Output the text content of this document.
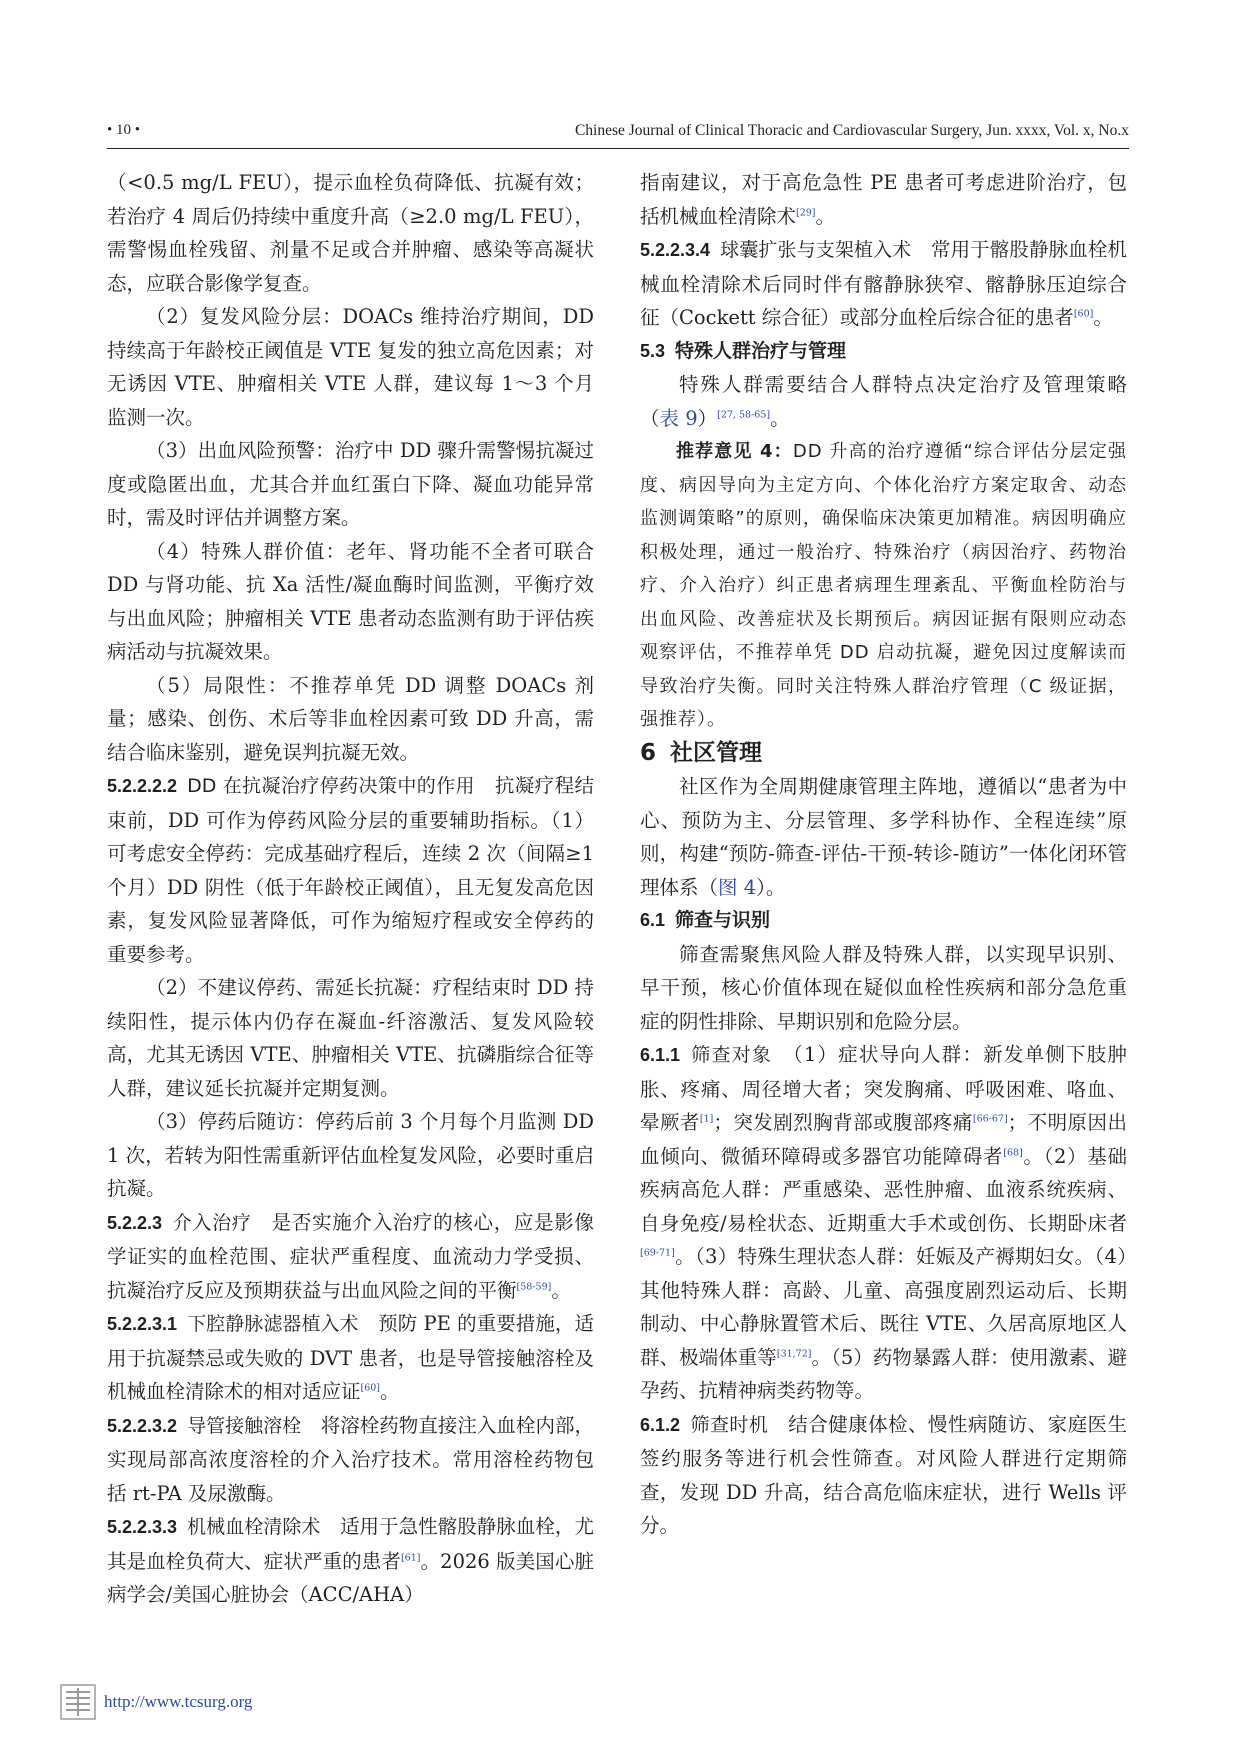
• 10 •	Chinese Journal of Clinical Thoracic and Cardiovascular Surgery, Jun. xxxx, Vol. x, No.x

（<0.5 mg/L FEU），提示血栓负荷降低、抗凝有效；若治疗 4 周后仍持续中重度升高（≥2.0 mg/L FEU），需警惕血栓残留、剂量不足或合并肿瘤、感染等高凝状态，应联合影像学复查。

（2）复发风险分层：DOACs 维持治疗期间，DD 持续高于年龄校正阈值是 VTE 复发的独立高危因素；对无诱因 VTE、肿瘤相关 VTE 人群，建议每 1～3 个月监测一次。

（3）出血风险预警：治疗中 DD 骤升需警惕抗凝过度或隐匿出血，尤其合并血红蛋白下降、凝血功能异常时，需及时评估并调整方案。

（4）特殊人群价值：老年、肾功能不全者可联合 DD 与肾功能、抗 Xa 活性/凝血酶时间监测，平衡疗效与出血风险；肿瘤相关 VTE 患者动态监测有助于评估疾病活动与抗凝效果。

（5）局限性：不推荐单凭 DD 调整 DOACs 剂量；感染、创伤、术后等非血栓因素可致 DD 升高，需结合临床鉴别，避免误判抗凝无效。

5.2.2.2.2 DD 在抗凝治疗停药决策中的作用　 抗凝疗程结束前，DD 可作为停药风险分层的重要辅助指标。（1）可考虑安全停药：完成基础疗程后，连续 2 次（间隔≥1 个月）DD 阴性（低于年龄校正阈值），且无复发高危因素，复发风险显著降低，可作为缩短疗程或安全停药的重要参考。

（2）不建议停药、需延长抗凝：疗程结束时 DD 持续阳性，提示体内仍存在凝血-纤溶激活、复发风险较高，尤其无诱因 VTE、肿瘤相关 VTE、抗磷脂综合征等人群，建议延长抗凝并定期复测。

（3）停药后随访：停药后前 3 个月每个月监测 DD 1 次，若转为阳性需重新评估血栓复发风险，必要时重启抗凝。

5.2.2.3 介入治疗　 是否实施介入治疗的核心，应是影像学证实的血栓范围、症状严重程度、血流动力学受损、抗凝治疗反应及预期获益与出血风险之间的平衡[58-59]。

5.2.2.3.1 下腔静脉滤器植入术　 预防 PE 的重要措施，适用于抗凝禁忌或失败的 DVT 患者，也是导管接触溶栓及机械血栓清除术的相对适应证[60]。

5.2.2.3.2 导管接触溶栓　 将溶栓药物直接注入血栓内部，实现局部高浓度溶栓的介入治疗技术。常用溶栓药物包括 rt-PA 及尿激酶。

5.2.2.3.3 机械血栓清除术　 适用于急性髂股静脉血栓，尤其是血栓负荷大、症状严重的患者[61]。2026 版美国心脏病学会/美国心脏协会（ACC/AHA）

指南建议，对于高危急性 PE 患者可考虑进阶治疗，包括机械血栓清除术[29]。

5.2.2.3.4 球囊扩张与支架植入术　 常用于髂股静脉血栓机械血栓清除术后同时伴有髂静脉狭窄、髂静脉压迫综合征（Cockett 综合征）或部分血栓后综合征的患者[60]。

5.3 特殊人群治疗与管理

特殊人群需要结合人群特点决定治疗及管理策略（表 9）[27, 58-65]。

推荐意见 4：DD 升高的治疗遵循“综合评估分层定强度、病因导向为主定方向、个体化治疗方案定取舍、动态监测调策略”的原则，确保临床决策更加精准。病因明确应积极处理，通过一般治疗、特殊治疗（病因治疗、药物治疗、介入治疗）纠正患者病理生理紊乱、平衡血栓防治与出血风险、改善症状及长期预后。病因证据有限则应动态观察评估，不推荐单凭 DD 启动抗凝，避免因过度解读而导致治疗失衡。同时关注特殊人群治疗管理（C 级证据，强推荐）。

6 社区管理

社区作为全周期健康管理主阵地，遵循以“患者为中心、预防为主、分层管理、多学科协作、全程连续”原则，构建“预防-筛查-评估-干预-转诊-随访”一体化闭环管理体系（图 4）。

6.1 筛查与识别

筛查需聚焦风险人群及特殊人群，以实现早识别、早干预，核心价值体现在疑似血栓性疾病和部分急危重症的阴性排除、早期识别和危险分层。

6.1.1 筛查对象　 （1）症状导向人群：新发单侧下肢肿胀、疼痛、周径增大者；突发胸痛、呼吸困难、咯血、晕厥者[1]；突发剧烈胸背部或腹部疼痛[66-67]；不明原因出血倾向、微循环障碍或多器官功能障碍者[68]。（2）基础疾病高危人群：严重感染、恶性肿瘤、血液系统疾病、自身免疫/易栓状态、近期重大手术或创伤、长期卧床者[69-71]。（3）特殊生理状态人群：妊娠及产褥期妇女。（4）其他特殊人群：高龄、儿童、高强度剧烈运动后、长期制动、中心静脉置管术后、既往 VTE、久居高原地区人群、极端体重等[31,72]。（5）药物暴露人群：使用激素、避孕药、抗精神病类药物等。

6.1.2 筛查时机　 结合健康体检、慢性病随访、家庭医生签约服务等进行机会性筛查。对风险人群进行定期筛查，发现 DD 升高，结合高危临床症状，进行 Wells 评分。

http://www.tcsurg.org
